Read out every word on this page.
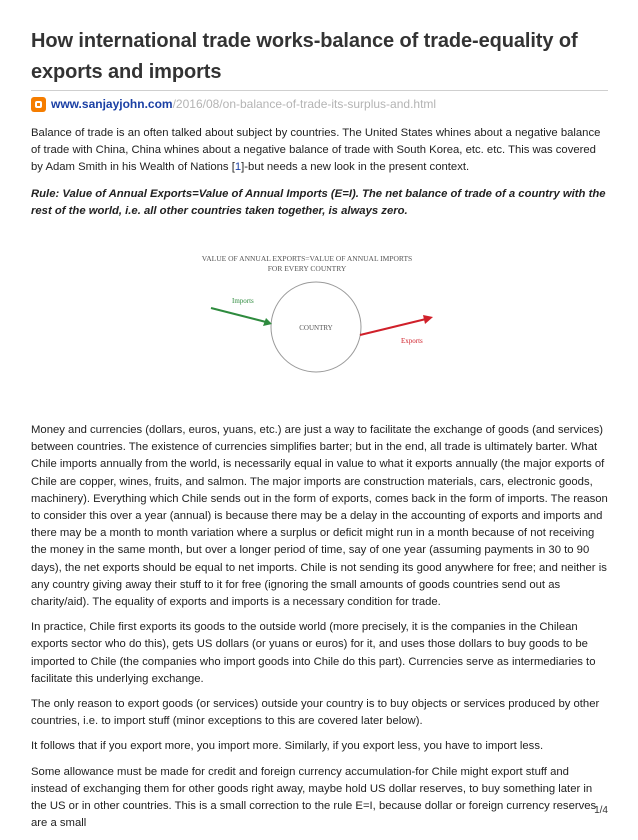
How international trade works-balance of trade-equality of exports and imports
www.sanjayjohn.com /2016/08/on-balance-of-trade-its-surplus-and.html

Balance of trade is an often talked about subject by countries. The United States whines about a negative balance of trade with China, China whines about a negative balance of trade with South Korea, etc. etc. This was covered by Adam Smith in his Wealth of Nations [1]-but needs a new look in the present context.

Rule: Value of Annual Exports=Value of Annual Imports (E=I). The net balance of trade of a country with the rest of the world, i.e. all other countries taken together, is always zero.

VALUE OF ANNUAL EXPORTS=VALUE OF ANNUAL IMPORTS
FOR EVERY COUNTRY
COUNTRY
Imports
Exports

Money and currencies (dollars, euros, yuans, etc.) are just a way to facilitate the exchange of goods (and services) between countries. The existence of currencies simplifies barter; but in the end, all trade is ultimately barter. What Chile imports annually from the world, is necessarily equal in value to what it exports annually (the major exports of Chile are copper, wines, fruits, and salmon. The major imports are construction materials, cars, electronic goods, machinery). Everything which Chile sends out in the form of exports, comes back in the form of imports. The reason to consider this over a year (annual) is because there may be a delay in the accounting of exports and imports and there may be a month to month variation where a surplus or deficit might run in a month because of not receiving the money in the same month, but over a longer period of time, say of one year (assuming payments in 30 to 90 days), the net exports should be equal to net imports. Chile is not sending its good anywhere for free; and neither is any country giving away their stuff to it for free (ignoring the small amounts of goods countries send out as charity/aid). The equality of exports and imports is a necessary condition for trade.

In practice, Chile first exports its goods to the outside world (more precisely, it is the companies in the Chilean exports sector who do this), gets US dollars (or yuans or euros) for it, and uses those dollars to buy goods to be imported to Chile (the companies who import goods into Chile do this part). Currencies serve as intermediaries to facilitate this underlying exchange.

The only reason to export goods (or services) outside your country is to buy objects or services produced by other countries, i.e. to import stuff (minor exceptions to this are covered later below).

It follows that if you export more, you import more. Similarly, if you export less, you have to import less.

Some allowance must be made for credit and foreign currency accumulation-for Chile might export stuff and instead of exchanging them for other goods right away, maybe hold US dollar reserves, to buy something later in the US or in other countries. This is a small correction to the rule E=I, because dollar or foreign currency reserves are a small

1/4
